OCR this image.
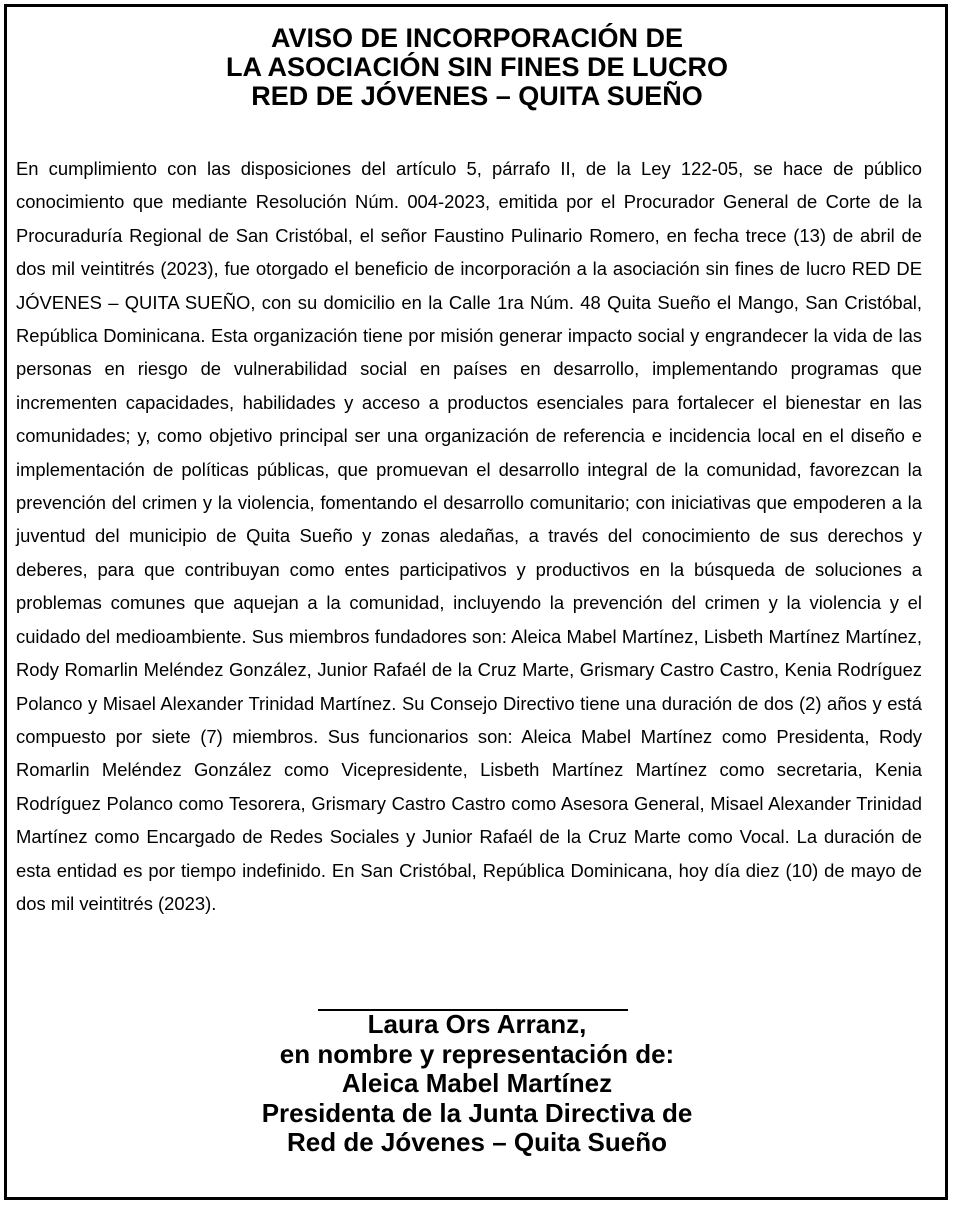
AVISO DE INCORPORACIÓN DE
LA ASOCIACIÓN SIN FINES DE LUCRO
RED DE JÓVENES – QUITA SUEÑO

En cumplimiento con las disposiciones del artículo 5, párrafo II, de la Ley 122-05, se hace de público conocimiento que mediante Resolución Núm. 004-2023, emitida por el Procurador General de Corte de la Procuraduría Regional de San Cristóbal, el señor Faustino Pulinario Romero, en fecha trece (13) de abril de dos mil veintitrés (2023), fue otorgado el beneficio de incorporación a la asociación sin fines de lucro RED DE JÓVENES – QUITA SUEÑO, con su domicilio en la Calle 1ra Núm. 48 Quita Sueño el Mango, San Cristóbal, República Dominicana. Esta organización tiene por misión generar impacto social y engrandecer la vida de las personas en riesgo de vulnerabilidad social en países en desarrollo, implementando programas que incrementen capacidades, habilidades y acceso a productos esenciales para fortalecer el bienestar en las comunidades; y, como objetivo principal ser una organización de referencia e incidencia local en el diseño e implementación de políticas públicas, que promuevan el desarrollo integral de la comunidad, favorezcan la prevención del crimen y la violencia, fomentando el desarrollo comunitario; con iniciativas que empoderen a la juventud del municipio de Quita Sueño y zonas aledañas, a través del conocimiento de sus derechos y deberes, para que contribuyan como entes participativos y productivos en la búsqueda de soluciones a problemas comunes que aquejan a la comunidad, incluyendo la prevención del crimen y la violencia y el cuidado del medioambiente. Sus miembros fundadores son: Aleica Mabel Martínez, Lisbeth Martínez Martínez, Rody Romarlin Meléndez González, Junior Rafaél de la Cruz Marte, Grismary Castro Castro, Kenia Rodríguez Polanco y Misael Alexander Trinidad Martínez. Su Consejo Directivo tiene una duración de dos (2) años y está compuesto por siete (7) miembros. Sus funcionarios son: Aleica Mabel Martínez como Presidenta, Rody Romarlin Meléndez González como Vicepresidente, Lisbeth Martínez Martínez como secretaria, Kenia Rodríguez Polanco como Tesorera, Grismary Castro Castro como Asesora General, Misael Alexander Trinidad Martínez como Encargado de Redes Sociales y Junior Rafaél de la Cruz Marte como Vocal. La duración de esta entidad es por tiempo indefinido. En San Cristóbal, República Dominicana, hoy día diez (10) de mayo de dos mil veintitrés (2023).

Laura Ors Arranz,
en nombre y representación de:
Aleica Mabel Martínez
Presidenta de la Junta Directiva de
Red de Jóvenes – Quita Sueño
